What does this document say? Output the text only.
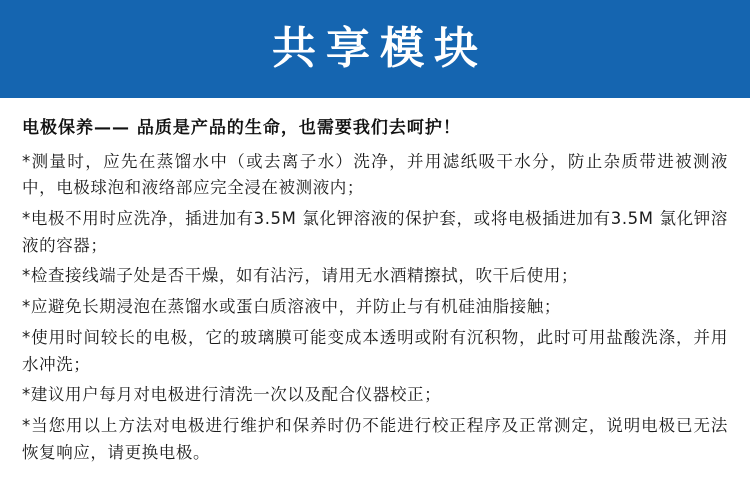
共享模块
电极保养—— 品质是产品的生命，也需要我们去呵护！

*测量时，应先在蒸馏水中（或去离子水）洗净，并用滤纸吸干水分，防止杂质带进被测液中，电极球泡和液络部应完全浸在被测液内；

*电极不用时应洗净，插进加有3.5M 氯化钾溶液的保护套，或将电极插进加有3.5M 氯化钾溶液的容器；

*检查接线端子处是否干燥，如有沾污，请用无水酒精擦拭，吹干后使用；

*应避免长期浸泡在蒸馏水或蛋白质溶液中，并防止与有机硅油脂接触；

*使用时间较长的电极，它的玻璃膜可能变成本透明或附有沉积物，此时可用盐酸洗涤，并用水冲洗；

*建议用户每月对电极进行清洗一次以及配合仪器校正；

*当您用以上方法对电极进行维护和保养时仍不能进行校正程序及正常测定，说明电极已无法恢复响应，请更换电极。
